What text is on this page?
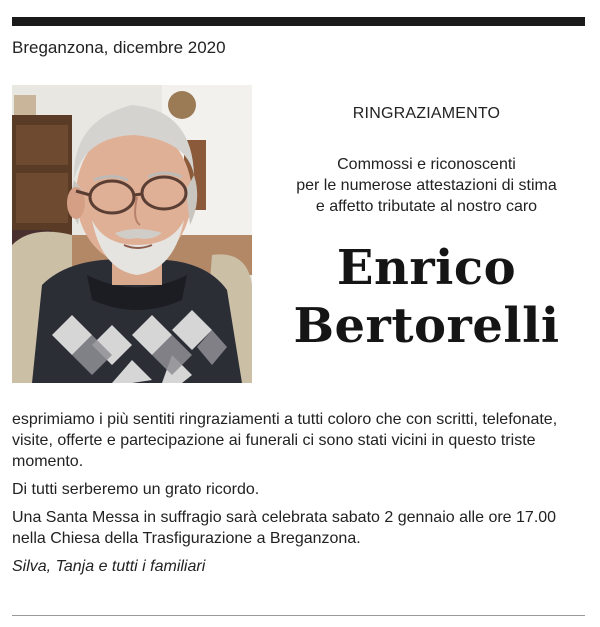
Breganzona, dicembre 2020
RINGRAZIAMENTO
Commossi e riconoscenti
per le numerose attestazioni di stima
e affetto tributate al nostro caro
Enrico
Bertorelli

esprimiamo i più sentiti ringraziamenti a tutti coloro che con scritti, telefonate, visite, offerte e partecipazione ai funerali ci sono stati vicini in questo triste momento.

Di tutti serberemo un grato ricordo.

Una Santa Messa in suffragio sarà celebrata sabato 2 gennaio alle ore 17.00 nella Chiesa della Trasfigurazione a Breganzona.

Silva, Tanja e tutti i familiari
